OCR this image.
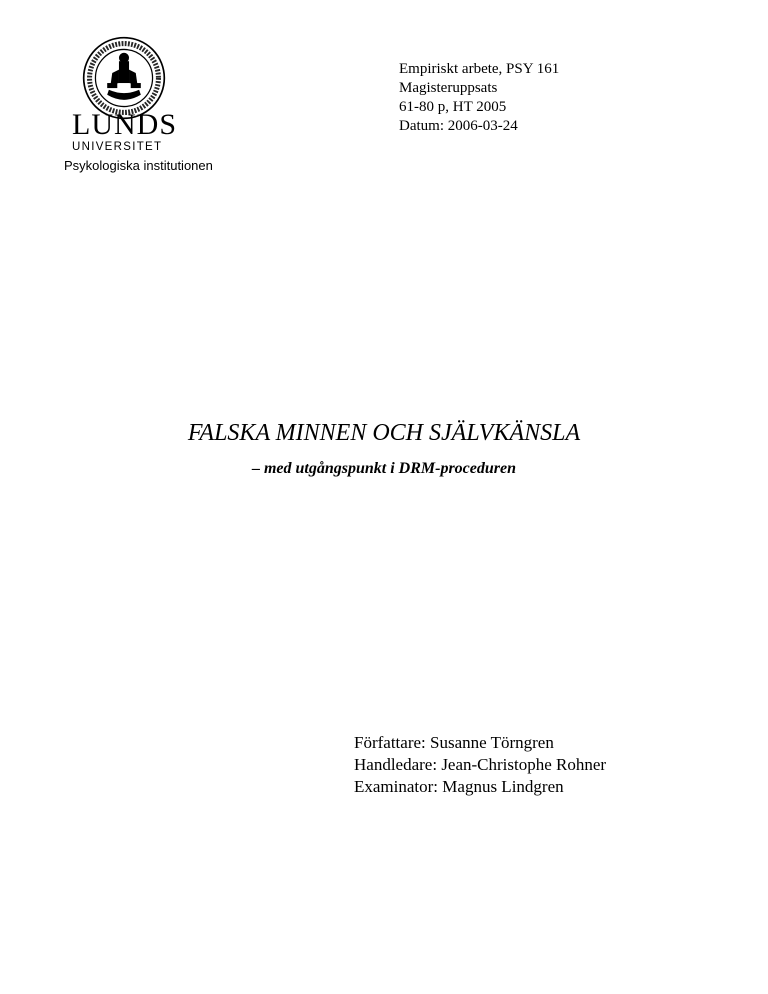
LUNDS
UNIVERSITET
Psykologiska institutionen
Empiriskt arbete, PSY 161
Magisteruppsats
61-80 p, HT 2005
Datum: 2006-03-24
FALSKA MINNEN OCH SJÄLVKÄNSLA
– med utgångspunkt i DRM-proceduren
Författare: Susanne Törngren
Handledare: Jean-Christophe Rohner
Examinator: Magnus Lindgren
